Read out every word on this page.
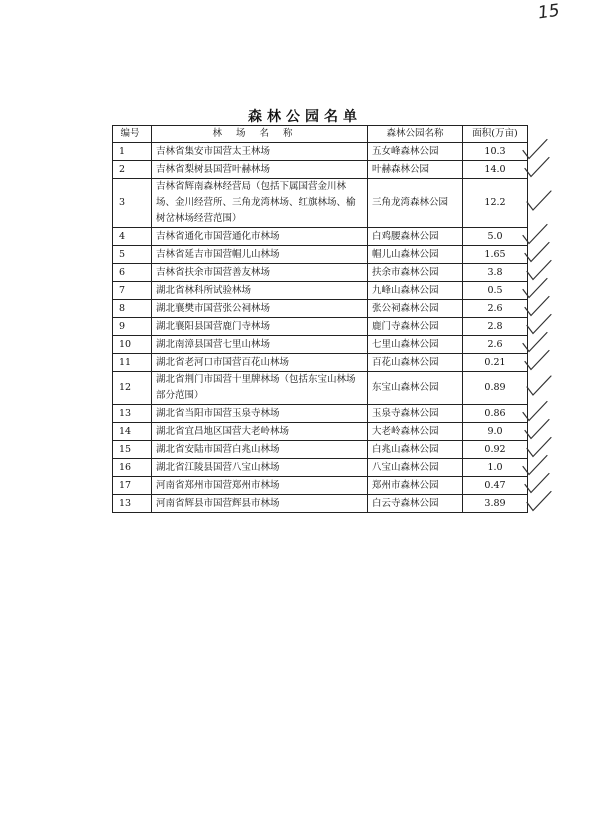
15
森林公园名单
编号	林场名称	森林公园名称	面积(万亩)
1	吉林省集安市国营太王林场	五女峰森林公园	10.3
2	吉林省梨树县国营叶赫林场	叶赫森林公园	14.0
3	吉林省辉南森林经营局（包括下属国营金川林场、金川经营所、三角龙湾林场、红旗林场、榆树岔林场经营范围）	三角龙湾森林公园	12.2
4	吉林省通化市国营通化市林场	白鸡腰森林公园	5.0
5	吉林省延吉市国营帽儿山林场	帽儿山森林公园	1.65
6	吉林省扶余市国营善友林场	扶余市森林公园	3.8
7	湖北省林科所试验林场	九峰山森林公园	0.5
8	湖北襄樊市国营张公祠林场	张公祠森林公园	2.6
9	湖北襄阳县国营鹿门寺林场	鹿门寺森林公园	2.8
10	湖北南漳县国营七里山林场	七里山森林公园	2.6
11	湖北省老河口市国营百花山林场	百花山森林公园	0.21
12	湖北省荆门市国营十里牌林场（包括东宝山林场部分范围）	东宝山森林公园	0.89
13	湖北省当阳市国营玉泉寺林场	玉泉寺森林公园	0.86
14	湖北省宜昌地区国营大老岭林场	大老岭森林公园	9.0
15	湖北省安陆市国营白兆山林场	白兆山森林公园	0.92
16	湖北省江陵县国营八宝山林场	八宝山森林公园	1.0
17	河南省郑州市国营郑州市林场	郑州市森林公园	0.47
13	河南省辉县市国营辉县市林场	白云寺森林公园	3.89
